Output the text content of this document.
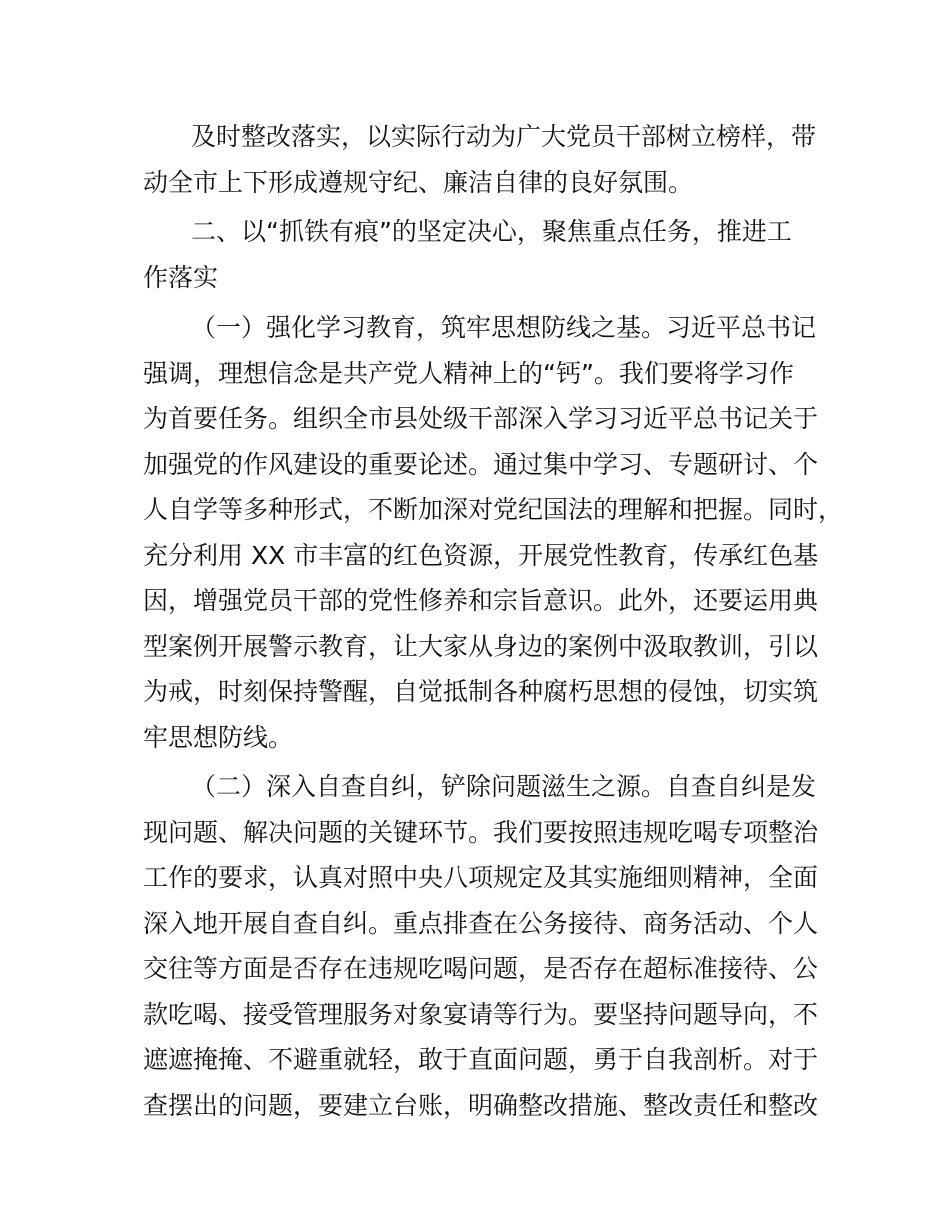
及时整改落实，以实际行动为广大党员干部树立榜样，带
动全市上下形成遵规守纪、廉洁自律的良好氛围。
二、以“抓铁有痕”的坚定决心，聚焦重点任务，推进工
作落实
（一）强化学习教育，筑牢思想防线之基。习近平总书记
强调，理想信念是共产党人精神上的“钙”。我们要将学习作
为首要任务。组织全市县处级干部深入学习习近平总书记关于
加强党的作风建设的重要论述。通过集中学习、专题研讨、个
人自学等多种形式，不断加深对党纪国法的理解和把握。同时，
充分利用 XX 市丰富的红色资源，开展党性教育，传承红色基
因，增强党员干部的党性修养和宗旨意识。此外，还要运用典
型案例开展警示教育，让大家从身边的案例中汲取教训，引以
为戒，时刻保持警醒，自觉抵制各种腐朽思想的侵蚀，切实筑
牢思想防线。
（二）深入自查自纠，铲除问题滋生之源。自查自纠是发
现问题、解决问题的关键环节。我们要按照违规吃喝专项整治
工作的要求，认真对照中央八项规定及其实施细则精神，全面
深入地开展自查自纠。重点排查在公务接待、商务活动、个人
交往等方面是否存在违规吃喝问题，是否存在超标准接待、公
款吃喝、接受管理服务对象宴请等行为。要坚持问题导向，不
遮遮掩掩、不避重就轻，敢于直面问题，勇于自我剖析。对于
查摆出的问题，要建立台账，明确整改措施、整改责任和整改
